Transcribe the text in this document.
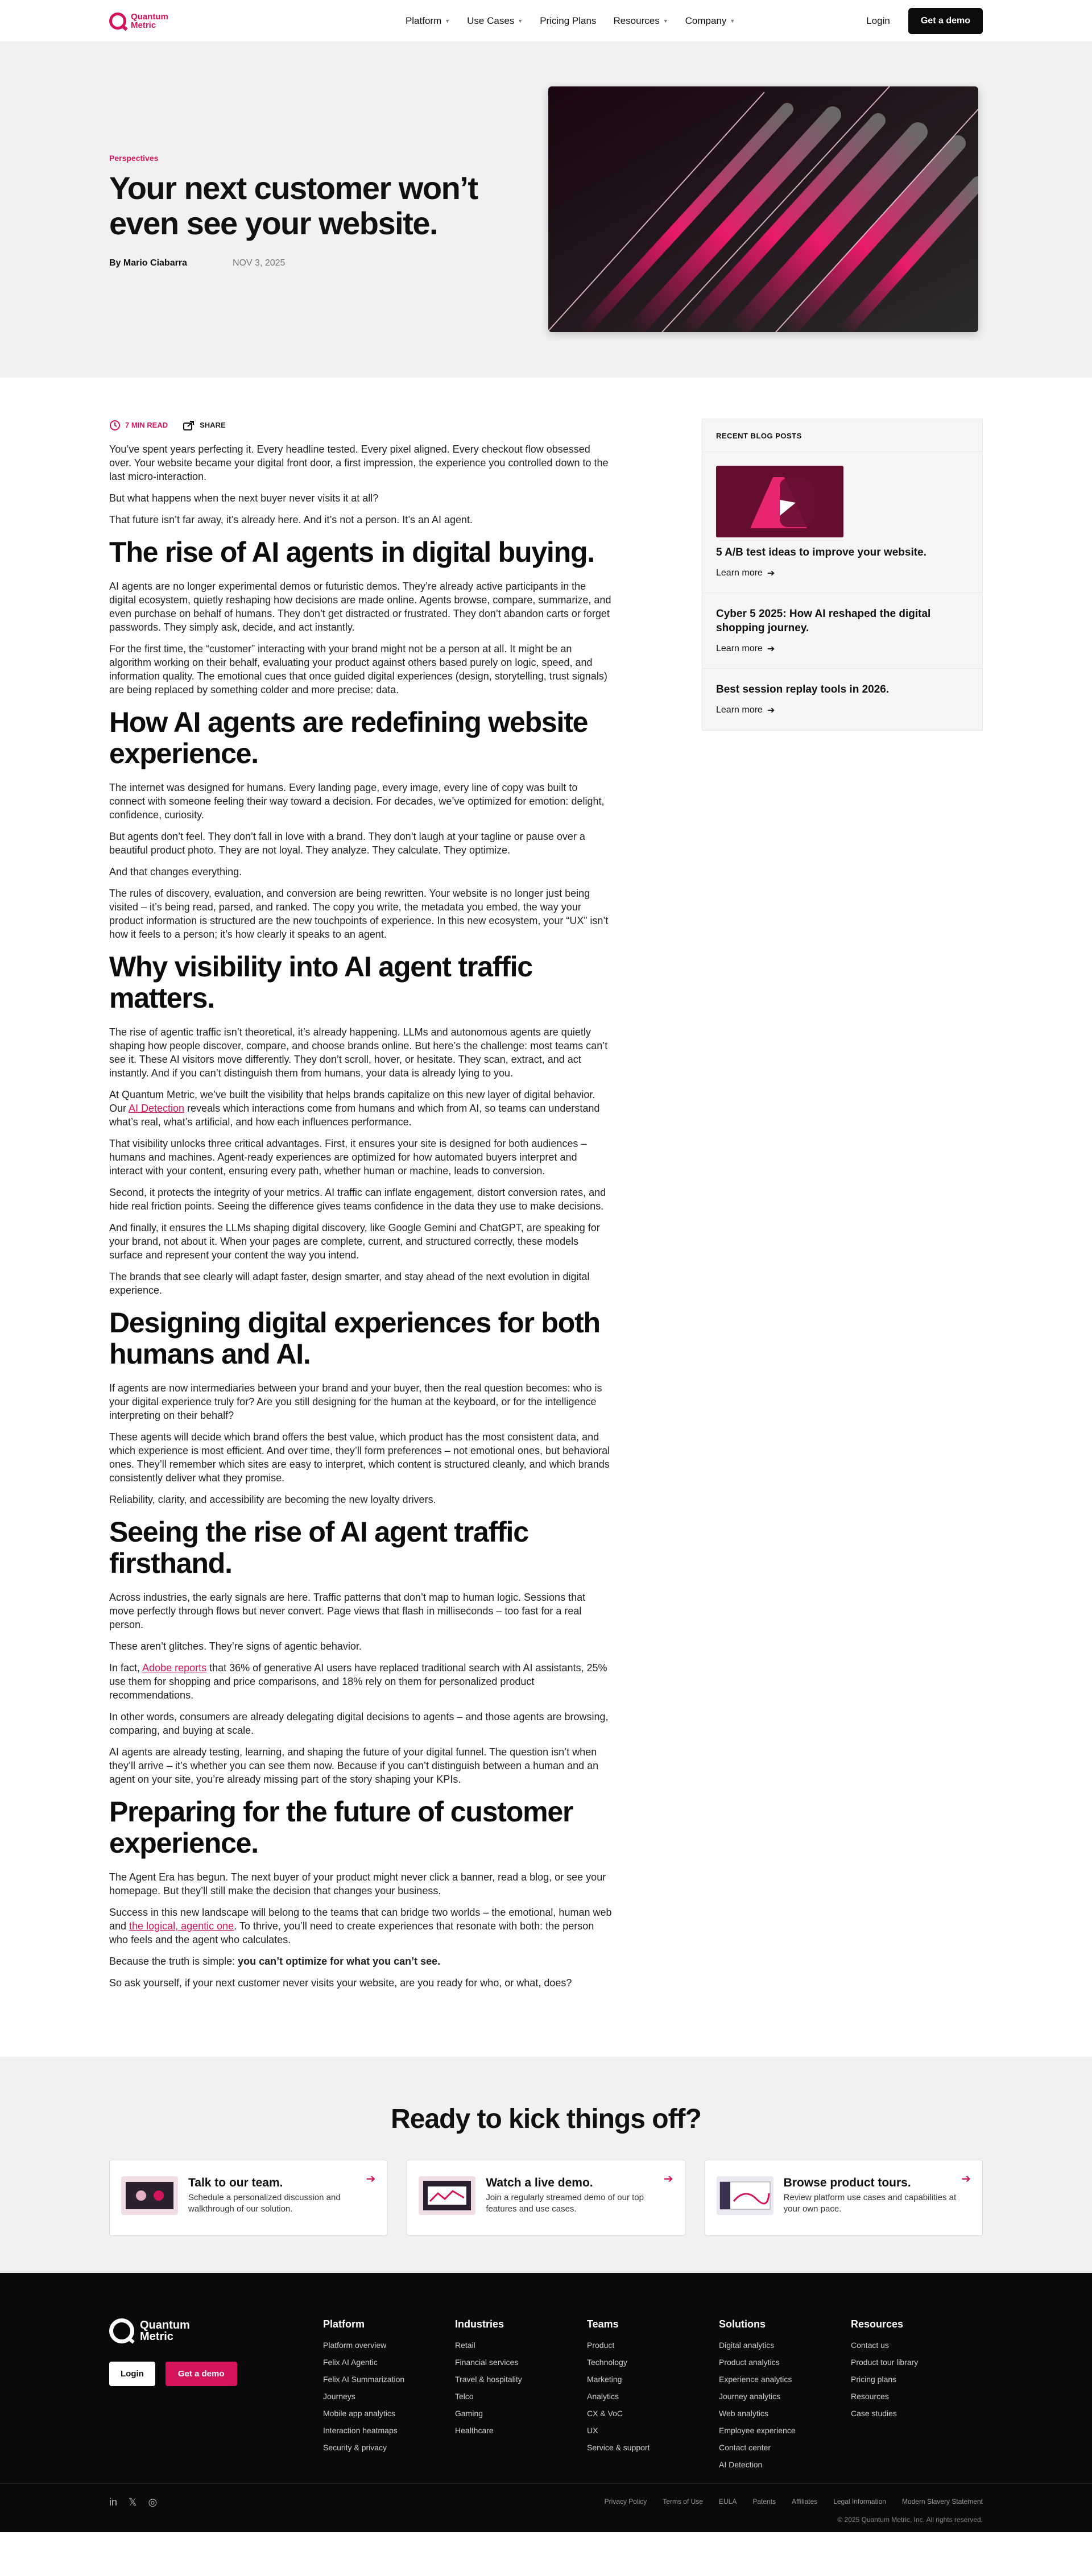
Quantum
Metric	Platform ▼ Use Cases ▼ Pricing Plans Resources ▼ Company ▼	Login	Get a demo
Perspectives
Your next customer won’t even see your website.
By Mario Ciabarra	NOV 3, 2025
7 MIN READ	SHARE

You’ve spent years perfecting it. Every headline tested. Every pixel aligned. Every checkout flow obsessed over. Your website became your digital front door, a first impression, the experience you controlled down to the last micro-interaction.

But what happens when the next buyer never visits it at all?

That future isn’t far away, it’s already here. And it’s not a person. It’s an AI agent.

The rise of AI agents in digital buying.

AI agents are no longer experimental demos or futuristic demos. They’re already active participants in the digital ecosystem, quietly reshaping how decisions are made online. Agents browse, compare, summarize, and even purchase on behalf of humans. They don’t get distracted or frustrated. They don’t abandon carts or forget passwords. They simply ask, decide, and act instantly.

For the first time, the “customer” interacting with your brand might not be a person at all. It might be an algorithm working on their behalf, evaluating your product against others based purely on logic, speed, and information quality. The emotional cues that once guided digital experiences (design, storytelling, trust signals) are being replaced by something colder and more precise: data.

How AI agents are redefining website experience.

The internet was designed for humans. Every landing page, every image, every line of copy was built to connect with someone feeling their way toward a decision. For decades, we’ve optimized for emotion: delight, confidence, curiosity.

But agents don’t feel. They don’t fall in love with a brand. They don’t laugh at your tagline or pause over a beautiful product photo. They are not loyal. They analyze. They calculate. They optimize.

And that changes everything.

The rules of discovery, evaluation, and conversion are being rewritten. Your website is no longer just being visited – it’s being read, parsed, and ranked. The copy you write, the metadata you embed, the way your product information is structured are the new touchpoints of experience. In this new ecosystem, your “UX” isn’t how it feels to a person; it’s how clearly it speaks to an agent.

Why visibility into AI agent traffic matters.

The rise of agentic traffic isn’t theoretical, it’s already happening. LLMs and autonomous agents are quietly shaping how people discover, compare, and choose brands online. But here’s the challenge: most teams can’t see it. These AI visitors move differently. They don’t scroll, hover, or hesitate. They scan, extract, and act instantly. And if you can’t distinguish them from humans, your data is already lying to you.

At Quantum Metric, we’ve built the visibility that helps brands capitalize on this new layer of digital behavior. Our AI Detection reveals which interactions come from humans and which from AI, so teams can understand what’s real, what’s artificial, and how each influences performance.

That visibility unlocks three critical advantages. First, it ensures your site is designed for both audiences – humans and machines. Agent-ready experiences are optimized for how automated buyers interpret and interact with your content, ensuring every path, whether human or machine, leads to conversion.

Second, it protects the integrity of your metrics. AI traffic can inflate engagement, distort conversion rates, and hide real friction points. Seeing the difference gives teams confidence in the data they use to make decisions.

And finally, it ensures the LLMs shaping digital discovery, like Google Gemini and ChatGPT, are speaking for your brand, not about it. When your pages are complete, current, and structured correctly, these models surface and represent your content the way you intend.

The brands that see clearly will adapt faster, design smarter, and stay ahead of the next evolution in digital experience.

Designing digital experiences for both humans and AI.

If agents are now intermediaries between your brand and your buyer, then the real question becomes: who is your digital experience truly for? Are you still designing for the human at the keyboard, or for the intelligence interpreting on their behalf?

These agents will decide which brand offers the best value, which product has the most consistent data, and which experience is most efficient. And over time, they’ll form preferences – not emotional ones, but behavioral ones. They’ll remember which sites are easy to interpret, which content is structured cleanly, and which brands consistently deliver what they promise.

Reliability, clarity, and accessibility are becoming the new loyalty drivers.

Seeing the rise of AI agent traffic firsthand.

Across industries, the early signals are here. Traffic patterns that don’t map to human logic. Sessions that move perfectly through flows but never convert. Page views that flash in milliseconds – too fast for a real person.

These aren’t glitches. They’re signs of agentic behavior.

In fact, Adobe reports that 36% of generative AI users have replaced traditional search with AI assistants, 25% use them for shopping and price comparisons, and 18% rely on them for personalized product recommendations.

In other words, consumers are already delegating digital decisions to agents – and those agents are browsing, comparing, and buying at scale.

AI agents are already testing, learning, and shaping the future of your digital funnel. The question isn’t when they’ll arrive – it’s whether you can see them now. Because if you can’t distinguish between a human and an agent on your site, you’re already missing part of the story shaping your KPIs.

Preparing for the future of customer experience.

The Agent Era has begun. The next buyer of your product might never click a banner, read a blog, or see your homepage. But they’ll still make the decision that changes your business.

Success in this new landscape will belong to the teams that can bridge two worlds – the emotional, human web and the logical, agentic one. To thrive, you’ll need to create experiences that resonate with both: the person who feels and the agent who calculates.

Because the truth is simple: you can’t optimize for what you can’t see.

So ask yourself, if your next customer never visits your website, are you ready for who, or what, does?

RECENT BLOG POSTS
5 A/B test ideas to improve your website.
Learn more ➔
Cyber 5 2025: How AI reshaped the digital shopping journey.
Learn more ➔
Best session replay tools in 2026.
Learn more ➔
Ready to kick things off?
Talk to our team.
Schedule a personalized discussion and walkthrough of our solution.
➔	Watch a live demo.
Join a regularly streamed demo of our top features and use cases.
➔	Browse product tours.
Review platform use cases and capabilities at your own pace.
➔
Quantum
Metric
Login	Get a demo
Platform
Platform overview
Felix AI Agentic
Felix AI Summarization
Journeys
Mobile app analytics
Interaction heatmaps
Security & privacy
Industries
Retail
Financial services
Travel & hospitality
Telco
Gaming
Healthcare
Teams
Product
Technology
Marketing
Analytics
CX & VoC
UX
Service & support
Solutions
Digital analytics
Product analytics
Experience analytics
Journey analytics
Web analytics
Employee experience
Contact center
AI Detection
Resources
Contact us
Product tour library
Pricing plans
Resources
Case studies
in 𝕏 ◎	Privacy Policy Terms of Use EULA Patents Affiliates Legal Information Modern Slavery Statement
© 2025 Quantum Metric, Inc. All rights reserved.
